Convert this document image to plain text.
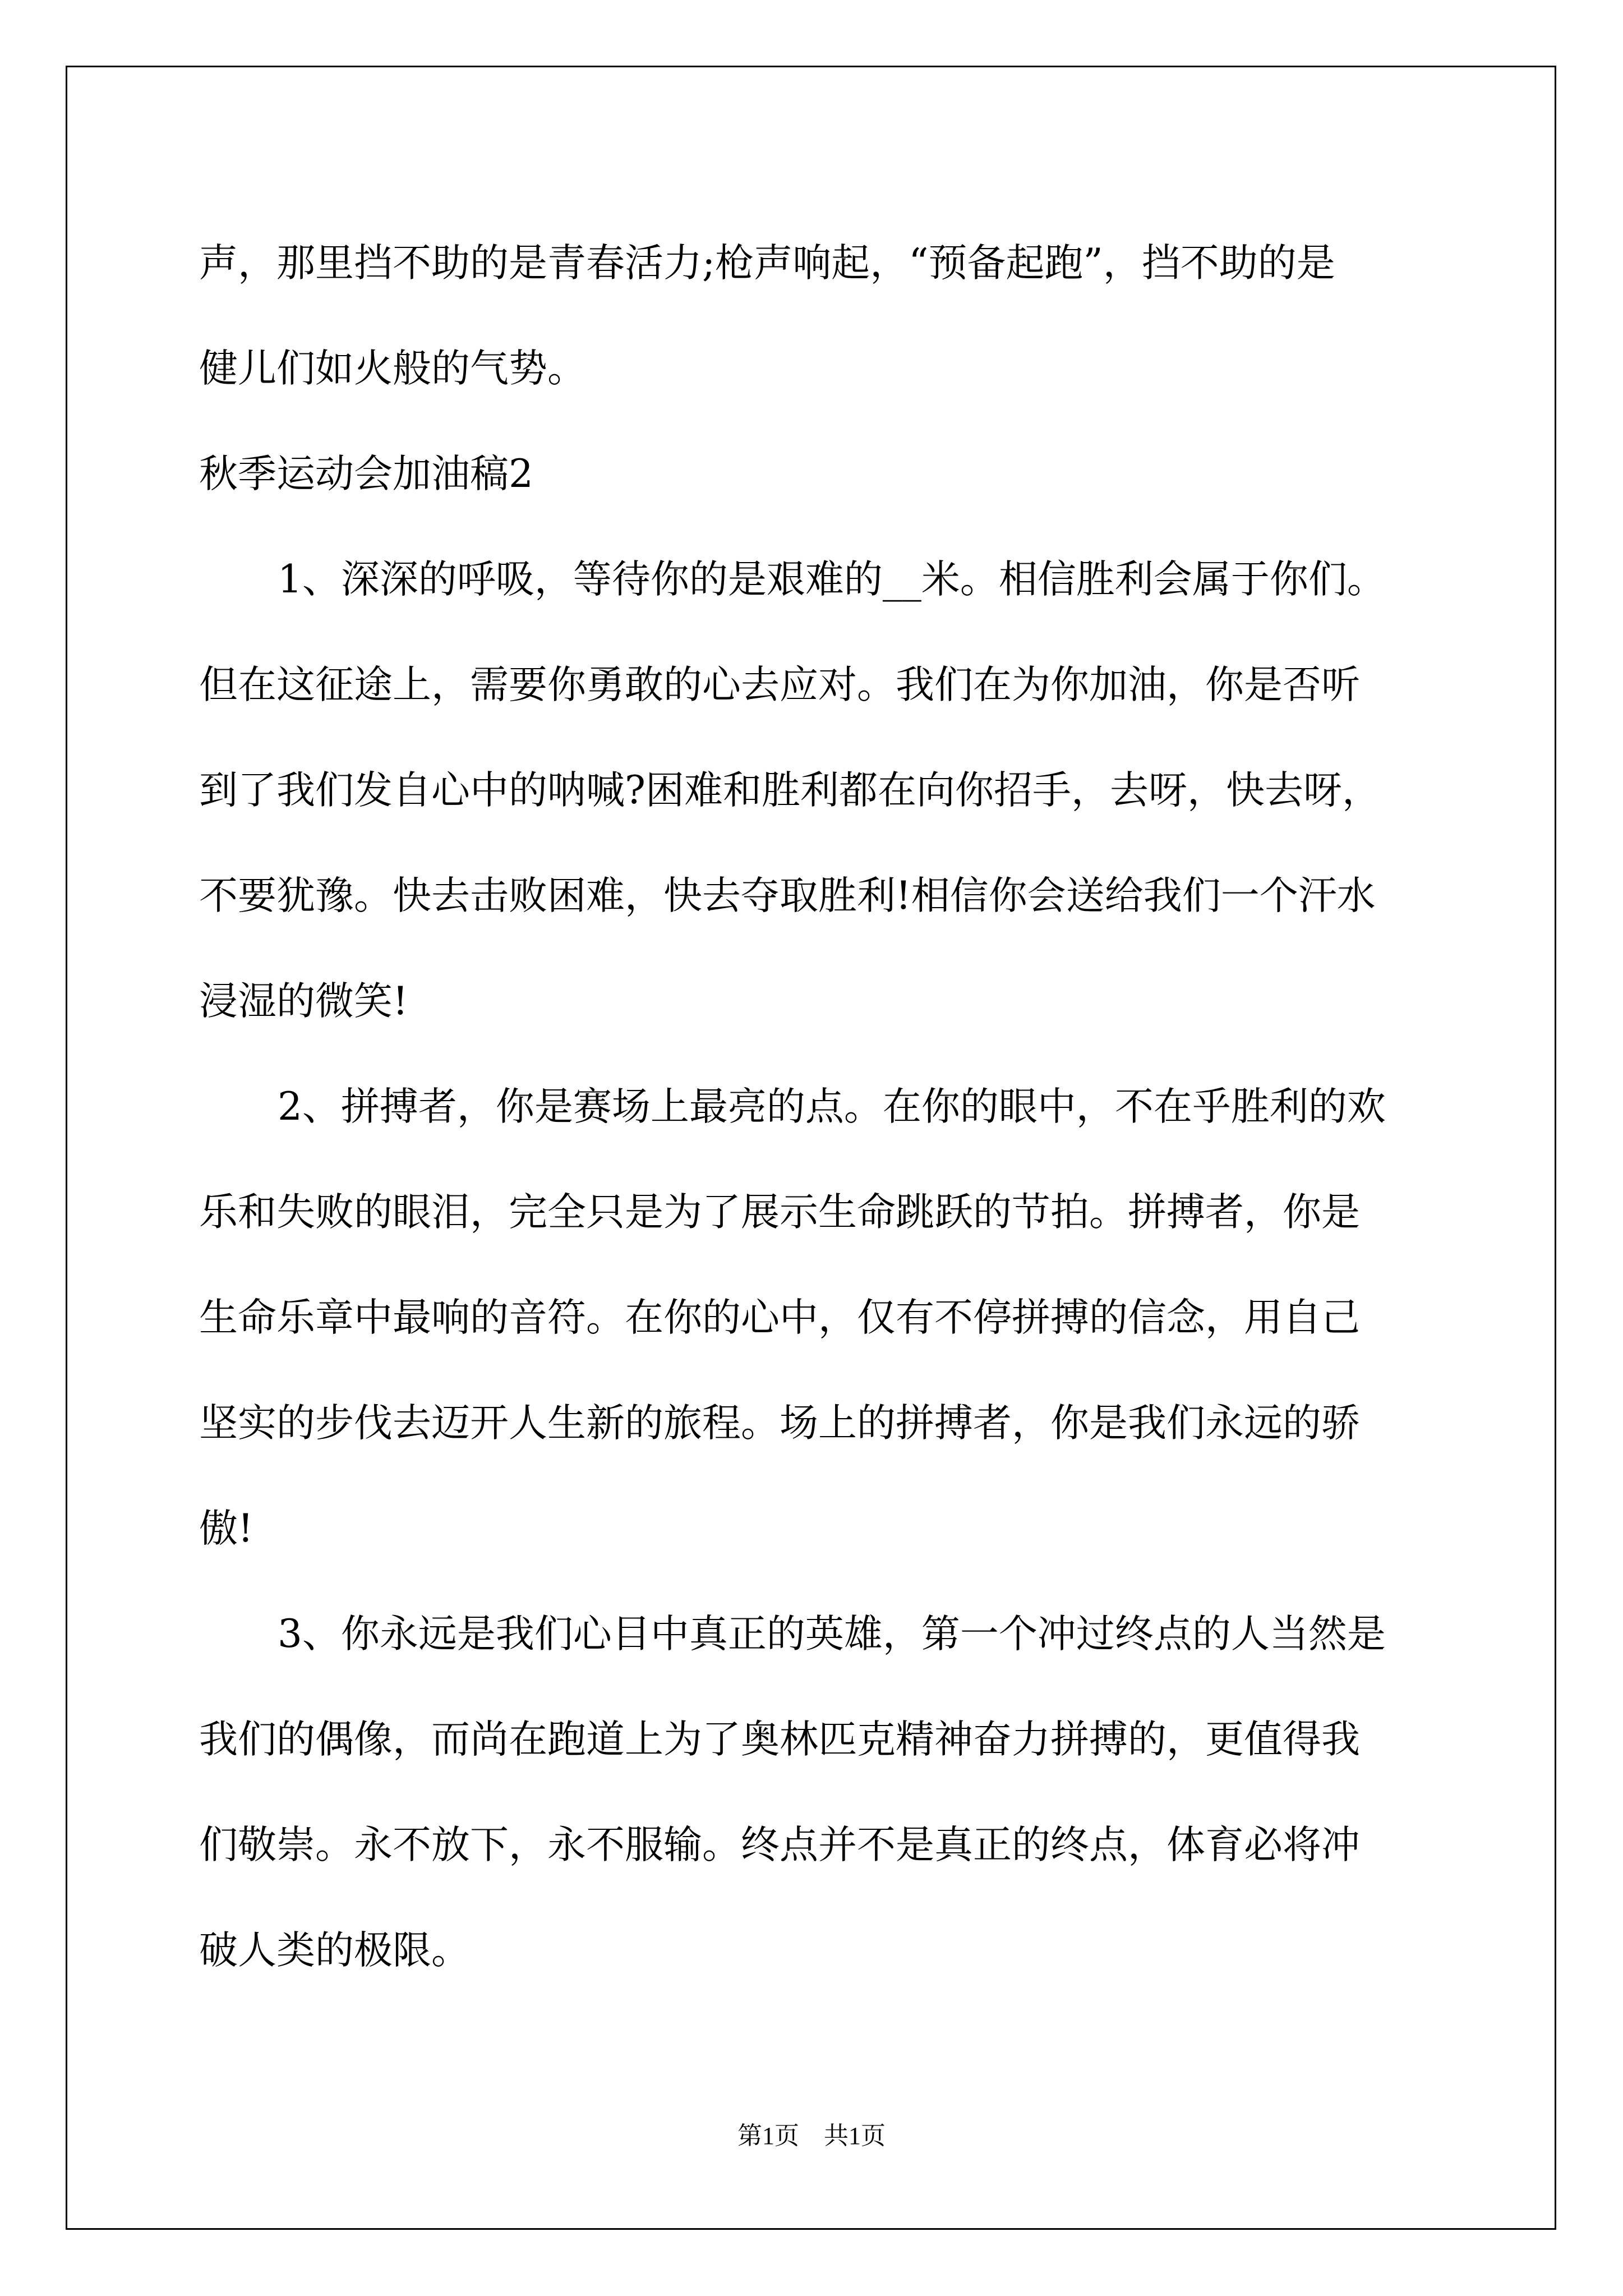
声，那里挡不助的是青春活力;枪声响起，“预备起跑”，挡不助的是
健儿们如火般的气势。
秋季运动会加油稿2
1、深深的呼吸，等待你的是艰难的__米。相信胜利会属于你们。
但在这征途上，需要你勇敢的心去应对。我们在为你加油，你是否听
到了我们发自心中的呐喊?困难和胜利都在向你招手，去呀，快去呀，
不要犹豫。快去击败困难，快去夺取胜利!相信你会送给我们一个汗水
浸湿的微笑!
2、拼搏者，你是赛场上最亮的点。在你的眼中，不在乎胜利的欢
乐和失败的眼泪，完全只是为了展示生命跳跃的节拍。拼搏者，你是
生命乐章中最响的音符。在你的心中，仅有不停拼搏的信念，用自己
坚实的步伐去迈开人生新的旅程。场上的拼搏者，你是我们永远的骄
傲!
3、你永远是我们心目中真正的英雄，第一个冲过终点的人当然是
我们的偶像，而尚在跑道上为了奥林匹克精神奋力拼搏的，更值得我
们敬崇。永不放下，永不服输。终点并不是真正的终点，体育必将冲
破人类的极限。
第1页　共1页
